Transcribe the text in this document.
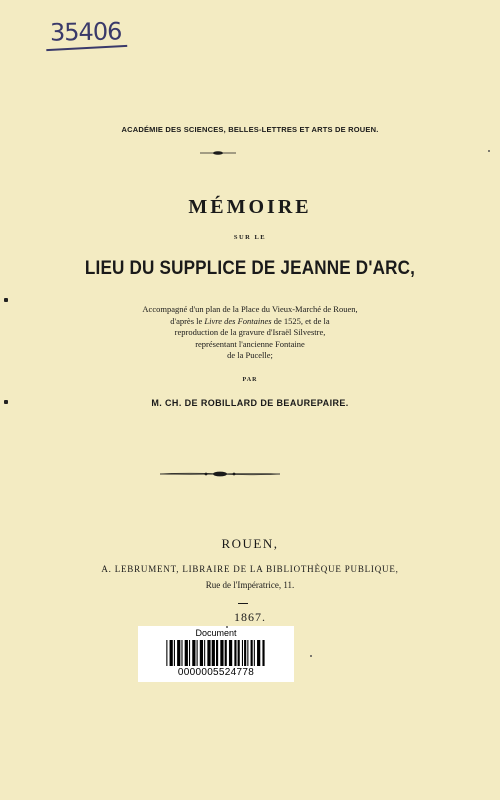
35406
ACADÉMIE DES SCIENCES, BELLES-LETTRES ET ARTS DE ROUEN.
MÉMOIRE
SUR LE
LIEU DU SUPPLICE DE JEANNE D'ARC,
Accompagné d'un plan de la Place du Vieux-Marché de Rouen,
d'après le Livre des Fontaines de 1525, et de la
reproduction de la gravure d'Israël Silvestre,
représentant l'ancienne Fontaine
de la Pucelle;
PAR
M. CH. DE ROBILLARD DE BEAUREPAIRE.
ROUEN,
A. LEBRUMENT, LIBRAIRE DE LA BIBLIOTHÈQUE PUBLIQUE,
Rue de l'Impératrice, 11.
1867.
Document
0000005524778
